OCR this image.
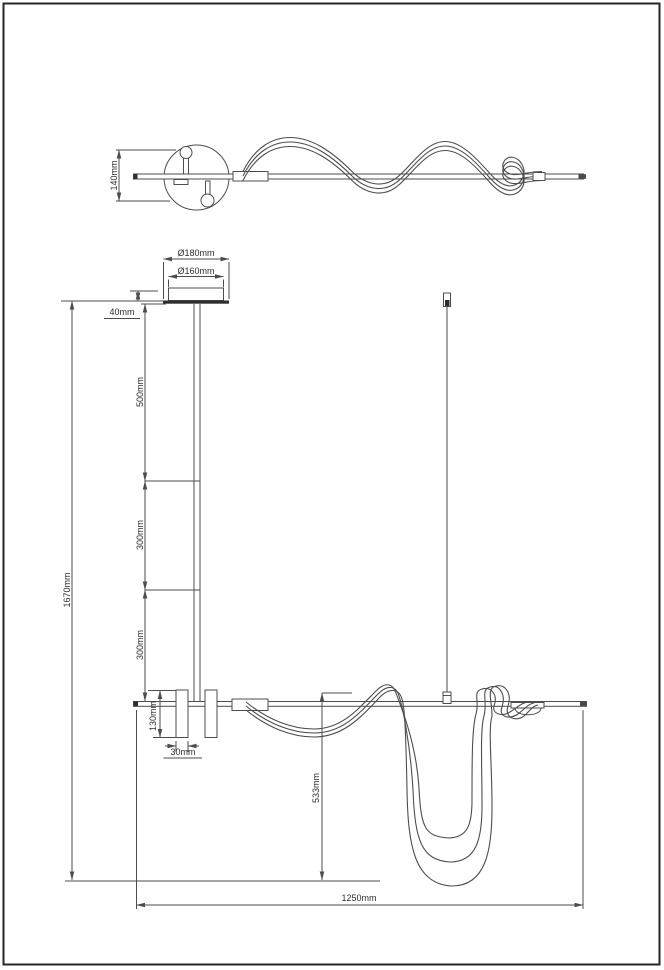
140mm
Ø180mm
Ø160mm
40mm
500mm
300mm
300mm
1670mm
130mm
30mm
533mm
1250mm
